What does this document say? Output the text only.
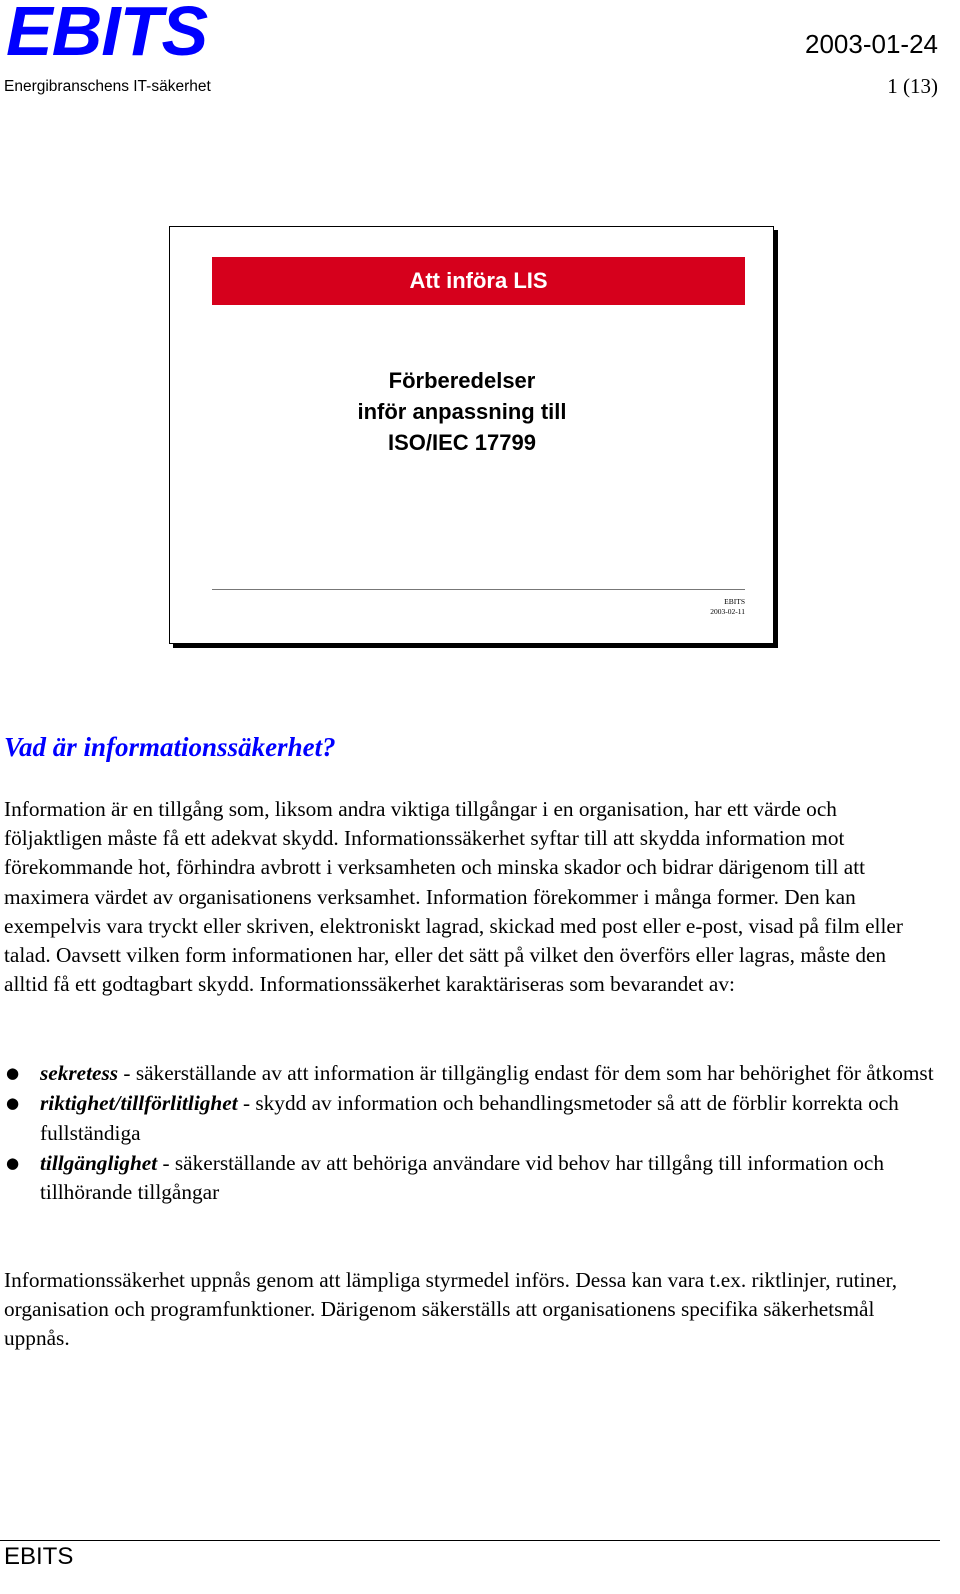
EBITS
Energibranschens IT-säkerhet
2003-01-24
1 (13)
Att införa LIS
Förberedelser
inför anpassning till
ISO/IEC 17799
EBITS
2003-02-11
Vad är informationssäkerhet?
Information är en tillgång som, liksom andra viktiga tillgångar i en organisation, har ett värde och följaktligen måste få ett adekvat skydd. Informationssäkerhet syftar till att skydda information mot förekommande hot, förhindra avbrott i verksamheten och minska skador och bidrar därigenom till att maximera värdet av organisationens verksamhet. Information förekommer i många former. Den kan exempelvis vara tryckt eller skriven, elektroniskt lagrad, skickad med post eller e-post, visad på film eller talad. Oavsett vilken form informationen har, eller det sätt på vilket den överförs eller lagras, måste den alltid få ett godtagbart skydd. Informationssäkerhet karaktäriseras som bevarandet av:
● sekretess - säkerställande av att information är tillgänglig endast för dem som har behörighet för åtkomst
● riktighet/tillförlitlighet - skydd av information och behandlingsmetoder så att de förblir korrekta och fullständiga
● tillgänglighet - säkerställande av att behöriga användare vid behov har tillgång till information och tillhörande tillgångar
Informationssäkerhet uppnås genom att lämpliga styrmedel införs. Dessa kan vara t.ex. riktlinjer, rutiner, organisation och programfunktioner. Därigenom säkerställs att organisationens specifika säkerhetsmål uppnås.
EBITS
